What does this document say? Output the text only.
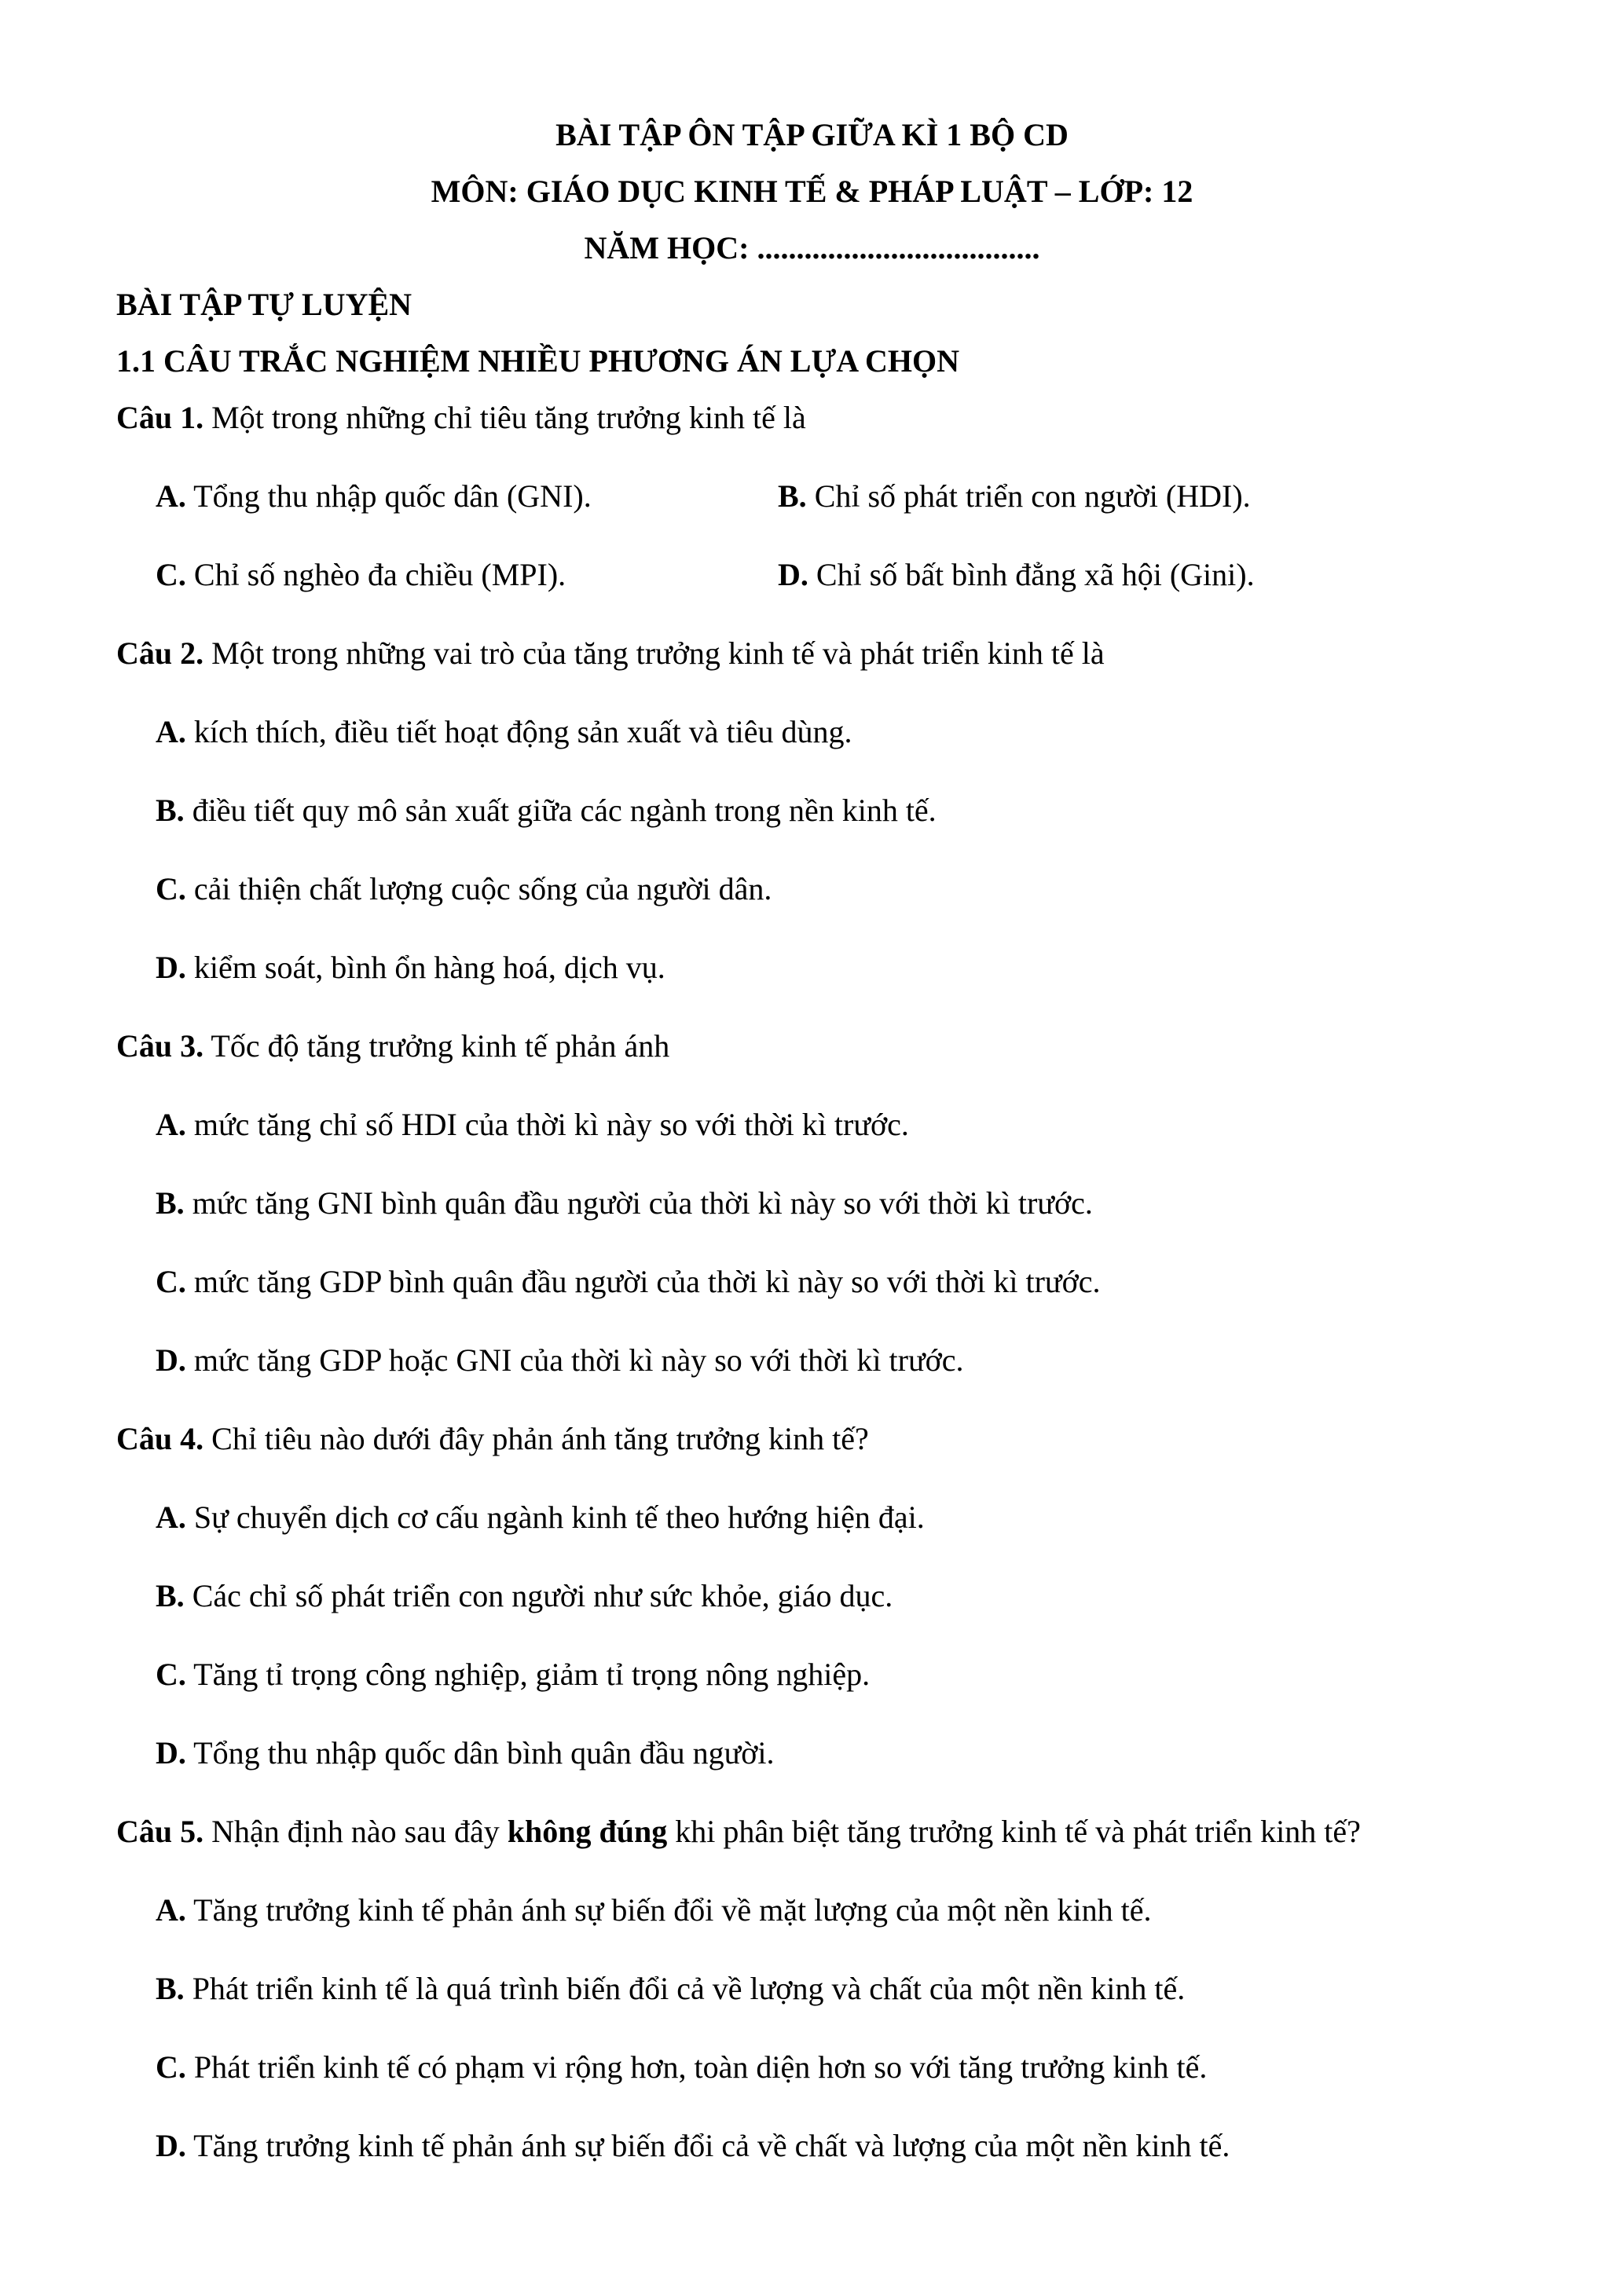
BÀI TẬP ÔN TẬP GIỮA KÌ 1 BỘ CD
MÔN: GIÁO DỤC KINH TẾ & PHÁP LUẬT – LỚP: 12
NĂM HỌC: ....................................
BÀI TẬP TỰ LUYỆN
1.1 CÂU TRẮC NGHIỆM NHIỀU PHƯƠNG ÁN LỰA CHỌN
Câu 1. Một trong những chỉ tiêu tăng trưởng kinh tế là
A. Tổng thu nhập quốc dân (GNI).	B. Chỉ số phát triển con người (HDI).
C. Chỉ số nghèo đa chiều (MPI).	D. Chỉ số bất bình đẳng xã hội (Gini).
Câu 2. Một trong những vai trò của tăng trưởng kinh tế và phát triển kinh tế là
A. kích thích, điều tiết hoạt động sản xuất và tiêu dùng.
B. điều tiết quy mô sản xuất giữa các ngành trong nền kinh tế.
C. cải thiện chất lượng cuộc sống của người dân.
D. kiểm soát, bình ổn hàng hoá, dịch vụ.
Câu 3. Tốc độ tăng trưởng kinh tế phản ánh
A. mức tăng chỉ số HDI của thời kì này so với thời kì trước.
B. mức tăng GNI bình quân đầu người của thời kì này so với thời kì trước.
C. mức tăng GDP bình quân đầu người của thời kì này so với thời kì trước.
D. mức tăng GDP hoặc GNI của thời kì này so với thời kì trước.
Câu 4. Chỉ tiêu nào dưới đây phản ánh tăng trưởng kinh tế?
A. Sự chuyển dịch cơ cấu ngành kinh tế theo hướng hiện đại.
B. Các chỉ số phát triển con người như sức khỏe, giáo dục.
C. Tăng tỉ trọng công nghiệp, giảm tỉ trọng nông nghiệp.
D. Tổng thu nhập quốc dân bình quân đầu người.
Câu 5. Nhận định nào sau đây không đúng khi phân biệt tăng trưởng kinh tế và phát triển kinh tế?
A. Tăng trưởng kinh tế phản ánh sự biến đổi về mặt lượng của một nền kinh tế.
B. Phát triển kinh tế là quá trình biến đổi cả về lượng và chất của một nền kinh tế.
C. Phát triển kinh tế có phạm vi rộng hơn, toàn diện hơn so với tăng trưởng kinh tế.
D. Tăng trưởng kinh tế phản ánh sự biến đổi cả về chất và lượng của một nền kinh tế.
